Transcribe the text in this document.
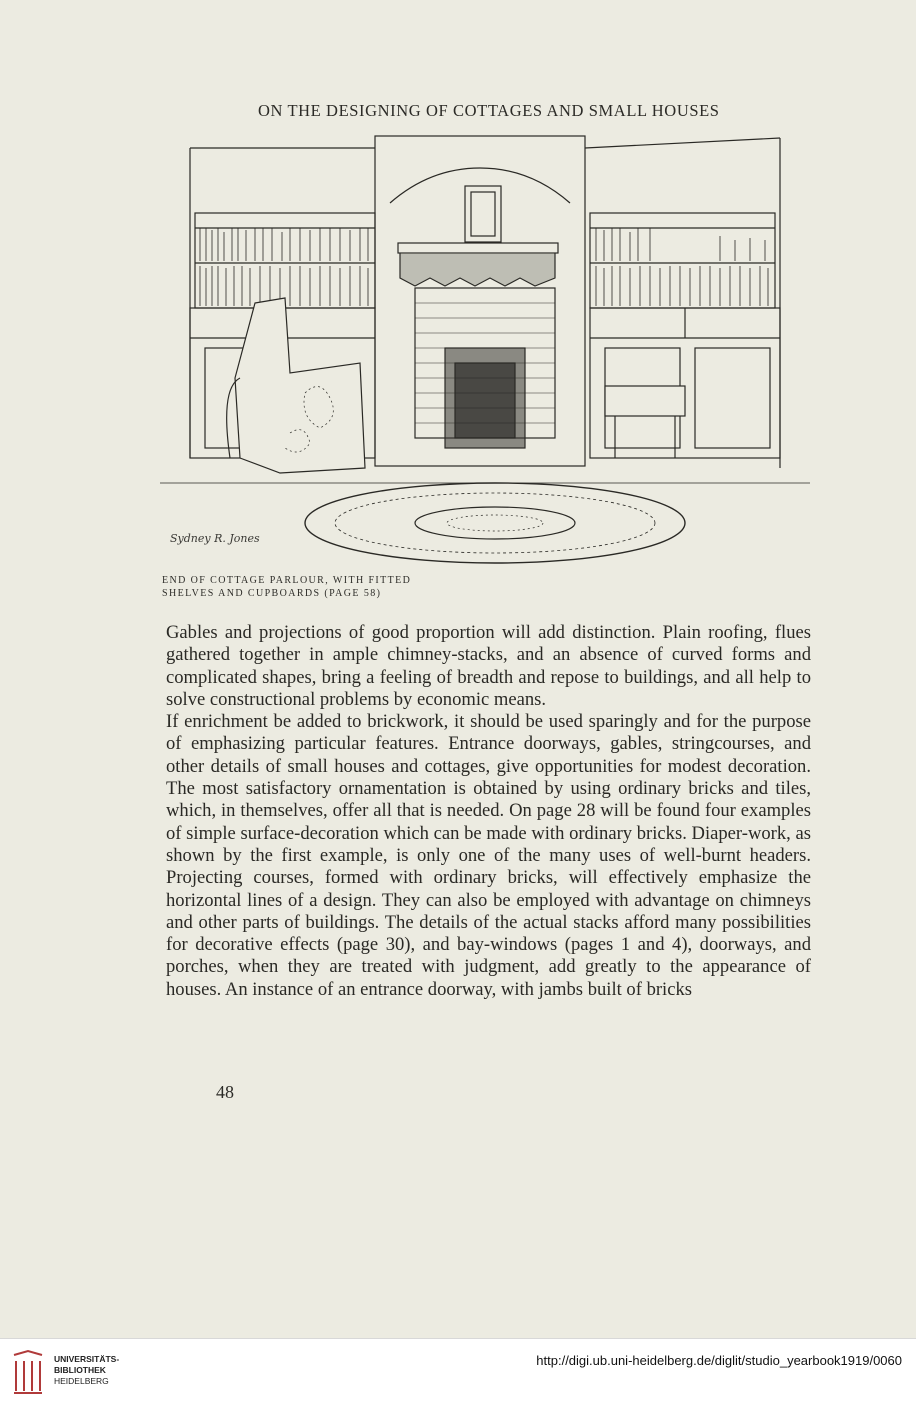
ON THE DESIGNING OF COTTAGES AND SMALL HOUSES
Sydney R. Jones
END OF COTTAGE PARLOUR, WITH FITTED
SHELVES AND CUPBOARDS (PAGE 58)

Gables and projections of good proportion will add distinction. Plain roofing, flues gathered together in ample chimney-stacks, and an absence of curved forms and complicated shapes, bring a feeling of breadth and repose to buildings, and all help to solve constructional problems by economic means.

If enrichment be added to brickwork, it should be used sparingly and for the purpose of emphasizing particular features. Entrance doorways, gables, stringcourses, and other details of small houses and cottages, give opportunities for modest decoration. The most satisfactory ornamentation is obtained by using ordinary bricks and tiles, which, in themselves, offer all that is needed. On page 28 will be found four examples of simple surface-decoration which can be made with ordinary bricks. Diaper-work, as shown by the first example, is only one of the many uses of well-burnt headers. Projecting courses, formed with ordinary bricks, will effectively emphasize the horizontal lines of a design. They can also be employed with advantage on chimneys and other parts of buildings. The details of the actual stacks afford many possibilities for decorative effects (page 30), and bay-windows (pages 1 and 4), doorways, and porches, when they are treated with judgment, add greatly to the appearance of houses. An instance of an entrance doorway, with jambs built of bricks

48
UNIVERSITÄTS-
BIBLIOTHEK
HEIDELBERG
http://digi.ub.uni-heidelberg.de/diglit/studio_yearbook1919/0060
